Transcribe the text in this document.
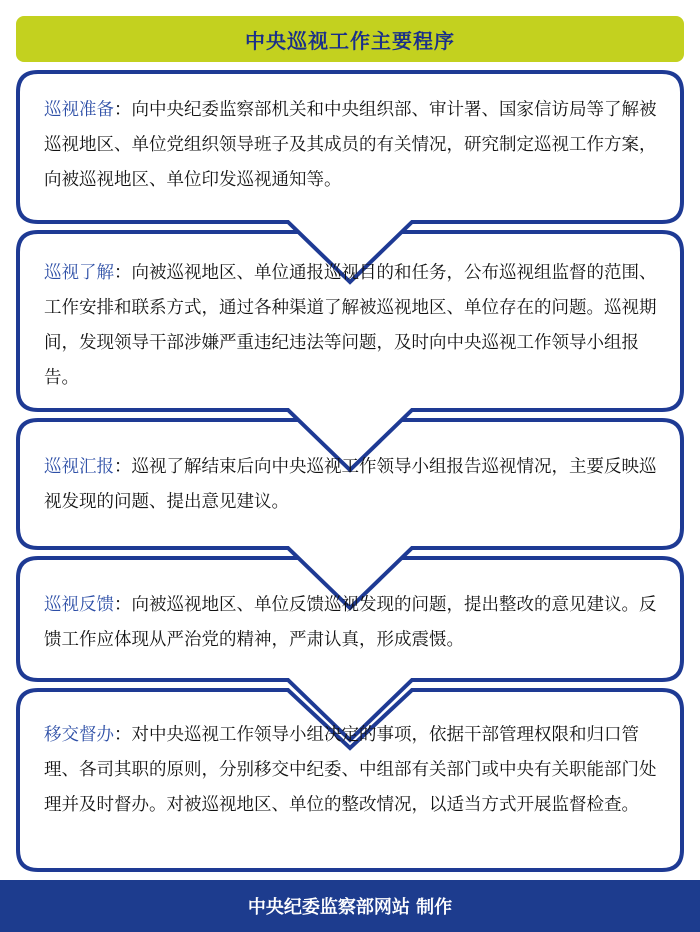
中央巡视工作主要程序

巡视准备：向中央纪委监察部机关和中央组织部、审计署、国家信访局等了解被巡视地区、单位党组织领导班子及其成员的有关情况，研究制定巡视工作方案，向被巡视地区、单位印发巡视通知等。

巡视了解：向被巡视地区、单位通报巡视目的和任务，公布巡视组监督的范围、工作安排和联系方式，通过各种渠道了解被巡视地区、单位存在的问题。巡视期间，发现领导干部涉嫌严重违纪违法等问题，及时向中央巡视工作领导小组报告。

巡视汇报：巡视了解结束后向中央巡视工作领导小组报告巡视情况，主要反映巡视发现的问题、提出意见建议。

巡视反馈：向被巡视地区、单位反馈巡视发现的问题，提出整改的意见建议。反馈工作应体现从严治党的精神，严肃认真，形成震慑。

移交督办：对中央巡视工作领导小组决定的事项，依据干部管理权限和归口管理、各司其职的原则，分别移交中纪委、中组部有关部门或中央有关职能部门处理并及时督办。对被巡视地区、单位的整改情况，以适当方式开展监督检查。

中央纪委监察部网站 制作
